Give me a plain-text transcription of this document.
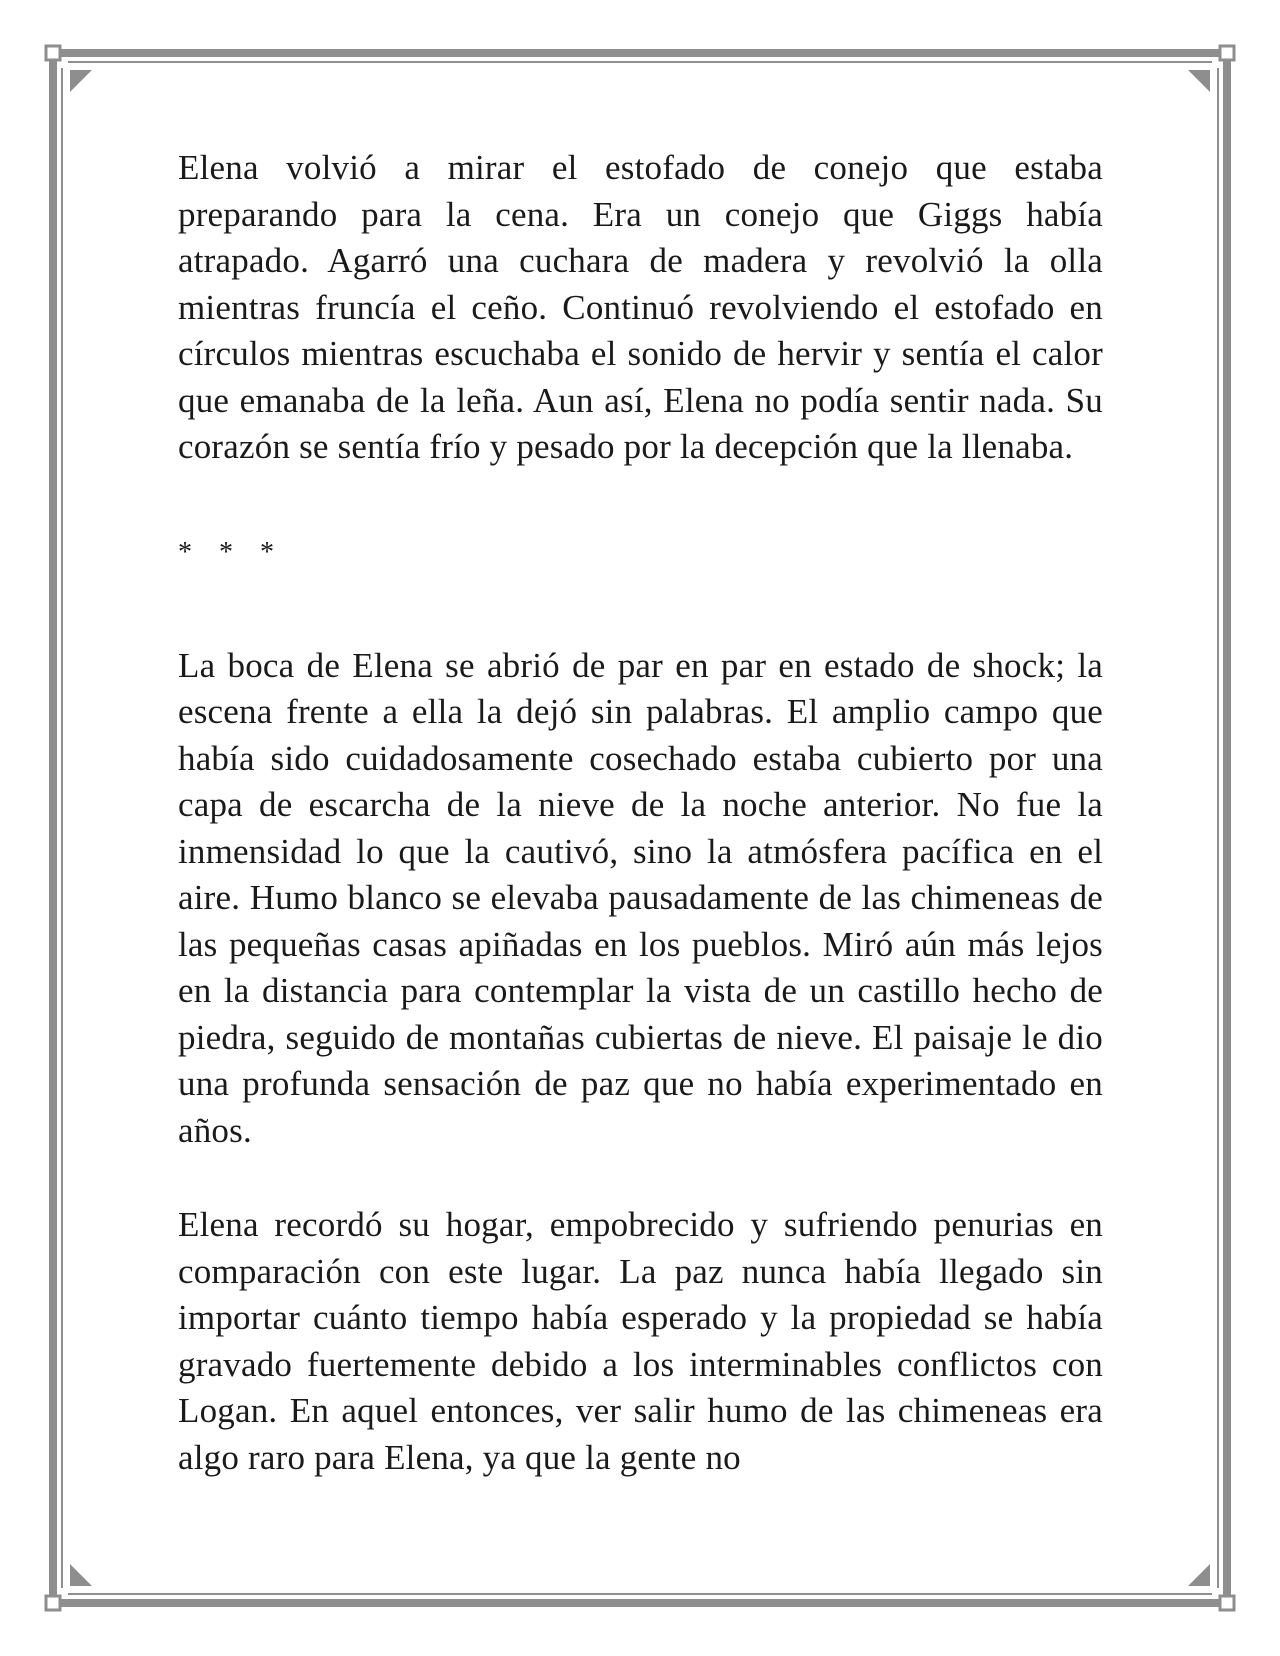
Elena volvió a mirar el estofado de conejo que estaba preparando para la cena. Era un conejo que Giggs había atrapado. Agarró una cuchara de madera y revolvió la olla mientras fruncía el ceño. Continuó revolviendo el estofado en círculos mientras escuchaba el sonido de hervir y sentía el calor que emanaba de la leña. Aun así, Elena no podía sentir nada. Su corazón se sentía frío y pesado por la decepción que la llenaba.

* * *

La boca de Elena se abrió de par en par en estado de shock; la escena frente a ella la dejó sin palabras. El amplio campo que había sido cuidadosamente cosechado estaba cubierto por una capa de escarcha de la nieve de la noche anterior. No fue la inmensidad lo que la cautivó, sino la atmósfera pacífica en el aire. Humo blanco se elevaba pausadamente de las chimeneas de las pequeñas casas apiñadas en los pueblos. Miró aún más lejos en la distancia para contemplar la vista de un castillo hecho de piedra, seguido de montañas cubiertas de nieve. El paisaje le dio una profunda sensación de paz que no había experimentado en años.

Elena recordó su hogar, empobrecido y sufriendo penurias en comparación con este lugar. La paz nunca había llegado sin importar cuánto tiempo había esperado y la propiedad se había gravado fuertemente debido a los interminables conflictos con Logan. En aquel entonces, ver salir humo de las chimeneas era algo raro para Elena, ya que la gente no
